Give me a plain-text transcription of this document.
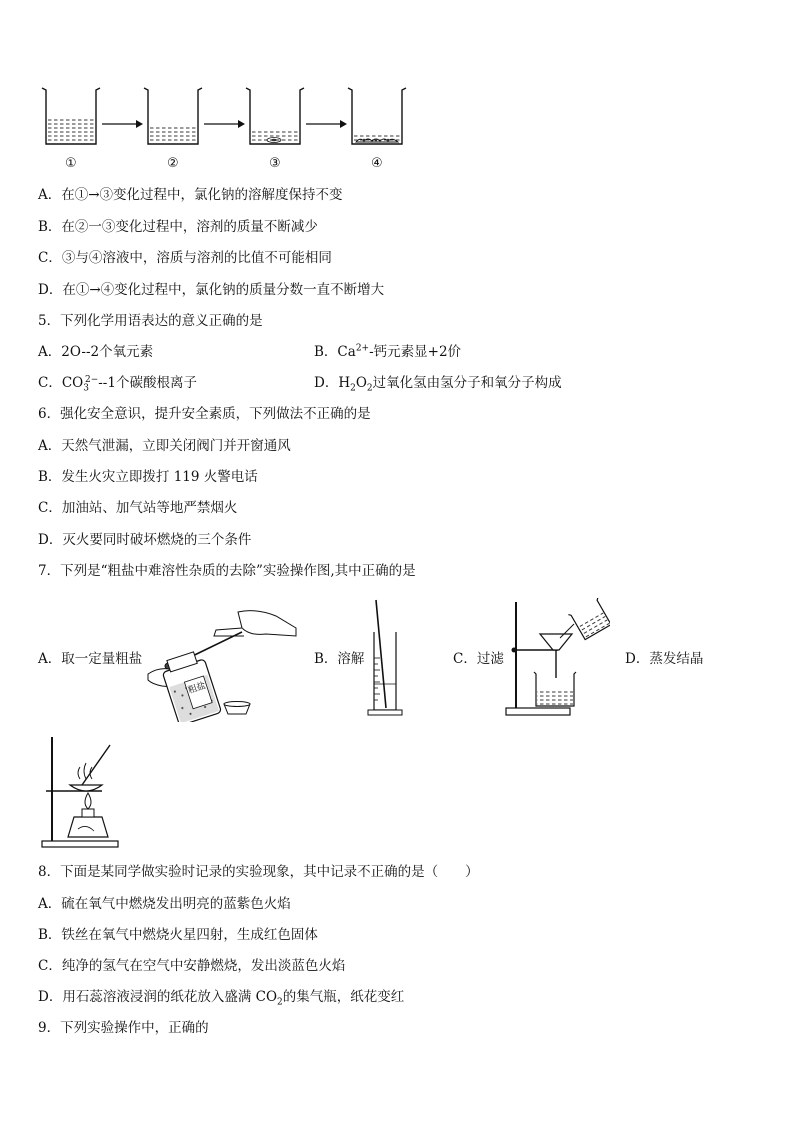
①	②	③	④
A．在①→③变化过程中，氯化钠的溶解度保持不变
B．在②一③变化过程中，溶剂的质量不断减少
C．③与④溶液中，溶质与溶剂的比值不可能相同
D．在①→④变化过程中，氯化钠的质量分数一直不断增大
5．下列化学用语表达的意义正确的是
A．2O--2个氧元素	B．$Ca^{2+}-$钙元素显+2价
C．$CO_3^{2-}--1$个碳酸根离子	D．$H_2O_2$过氧化氢由氢分子和氧分子构成
6．强化安全意识，提升安全素质，下列做法不正确的是
A．天然气泄漏，立即关闭阀门并开窗通风
B．发生火灾立即拨打 119 火警电话
C．加油站、加气站等地严禁烟火
D．灭火要同时破坏燃烧的三个条件
7．下列是“粗盐中难溶性杂质的去除”实验操作图,其中正确的是
A．取一定量粗盐
粗盐
B．溶解	C．过滤	D．蒸发结晶
8．下面是某同学做实验时记录的实验现象，其中记录不正确的是（　　）
A．硫在氧气中燃烧发出明亮的蓝紫色火焰
B．铁丝在氧气中燃烧火星四射，生成红色固体
C．纯净的氢气在空气中安静燃烧，发出淡蓝色火焰
D．用石蕊溶液浸润的纸花放入盛满 $CO_2$的集气瓶，纸花变红
9．下列实验操作中，正确的
